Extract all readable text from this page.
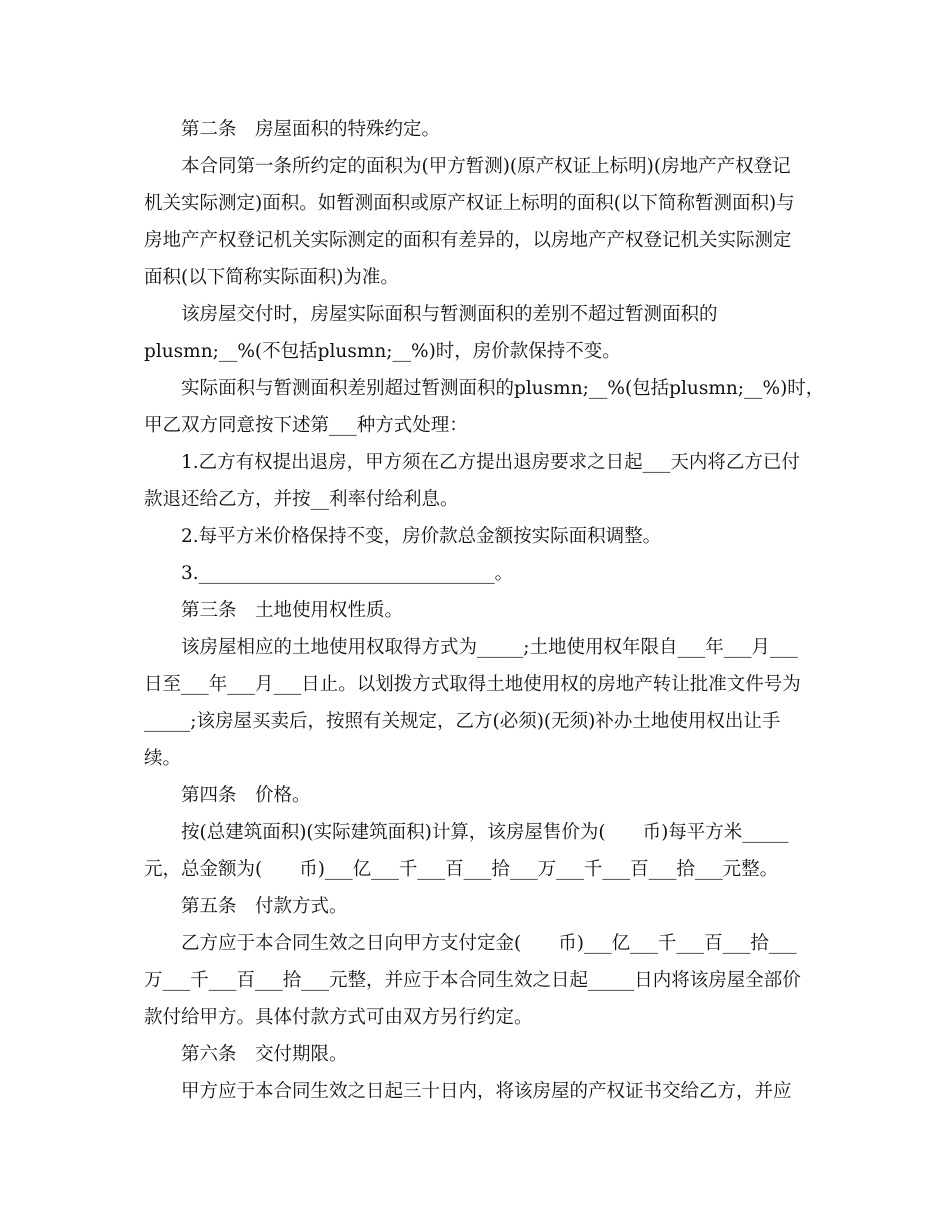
第二条　房屋面积的特殊约定。
本合同第一条所约定的面积为(甲方暂测)(原产权证上标明)(房地产产权登记
机关实际测定)面积。如暂测面积或原产权证上标明的面积(以下简称暂测面积)与
房地产产权登记机关实际测定的面积有差异的，以房地产产权登记机关实际测定
面积(以下简称实际面积)为准。
该房屋交付时，房屋实际面积与暂测面积的差别不超过暂测面积的
plusmn;__%(不包括plusmn;__%)时，房价款保持不变。
实际面积与暂测面积差别超过暂测面积的plusmn;__%(包括plusmn;__%)时，
甲乙双方同意按下述第___种方式处理：
1.乙方有权提出退房，甲方须在乙方提出退房要求之日起___天内将乙方已付
款退还给乙方，并按__利率付给利息。
2.每平方米价格保持不变，房价款总金额按实际面积调整。
3.________________________________。
第三条　土地使用权性质。
该房屋相应的土地使用权取得方式为_____;土地使用权年限自___年___月___
日至___年___月___日止。以划拨方式取得土地使用权的房地产转让批准文件号为
_____;该房屋买卖后，按照有关规定，乙方(必须)(无须)补办土地使用权出让手
续。
第四条　价格。
按(总建筑面积)(实际建筑面积)计算，该房屋售价为(　　币)每平方米_____
元，总金额为(　　币)___亿___千___百___拾___万___千___百___拾___元整。
第五条　付款方式。
乙方应于本合同生效之日向甲方支付定金(　　币)___亿___千___百___拾___
万___千___百___拾___元整，并应于本合同生效之日起_____日内将该房屋全部价
款付给甲方。具体付款方式可由双方另行约定。
第六条　交付期限。
甲方应于本合同生效之日起三十日内，将该房屋的产权证书交给乙方，并应
